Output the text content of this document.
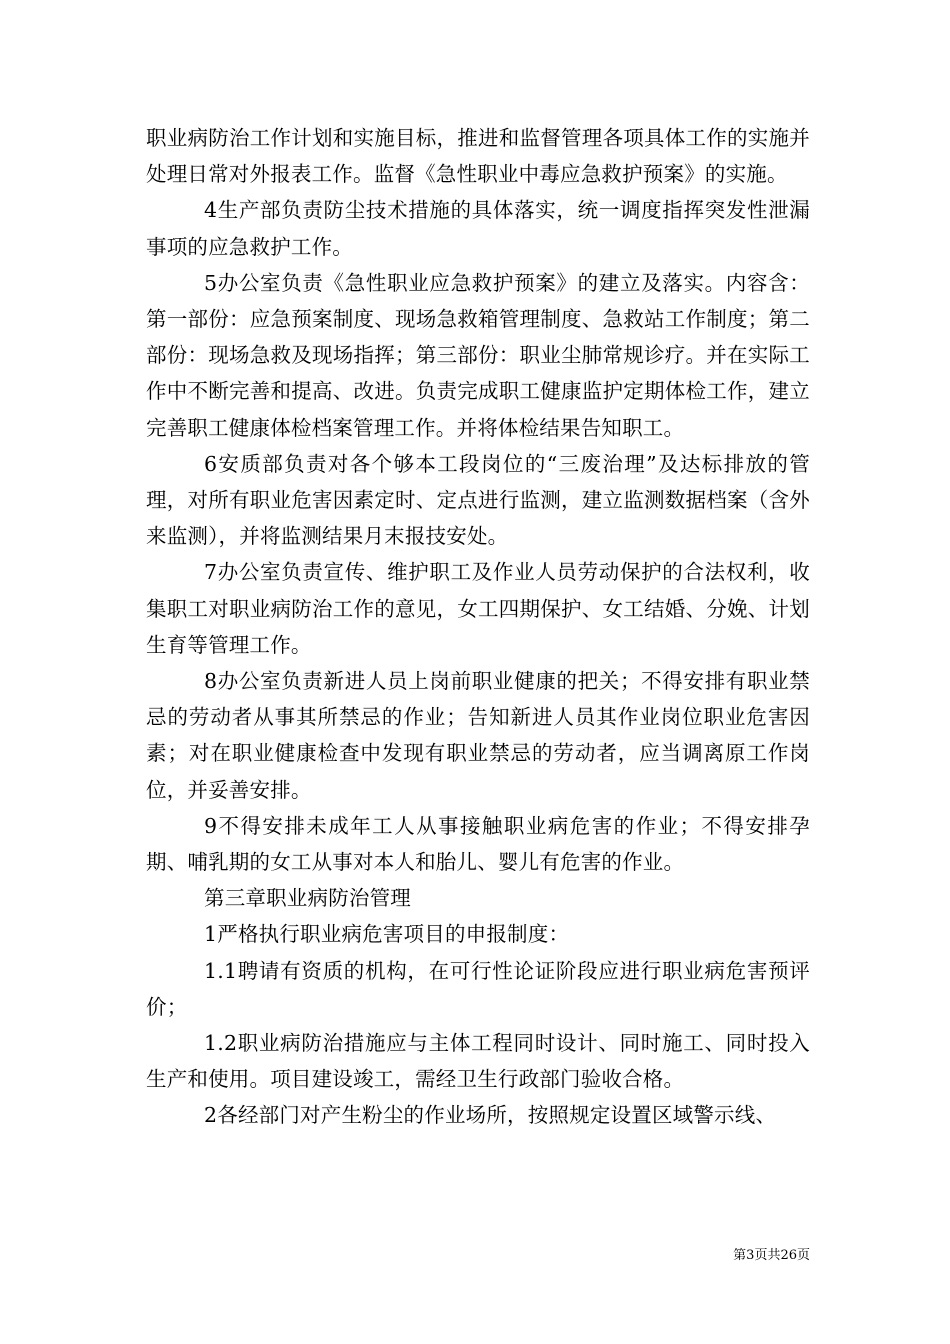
职业病防治工作计划和实施目标，推进和监督管理各项具体工作的实施并处理日常对外报表工作。监督《急性职业中毒应急救护预案》的实施。

4生产部负责防尘技术措施的具体落实，统一调度指挥突发性泄漏事项的应急救护工作。

5办公室负责《急性职业应急救护预案》的建立及落实。内容含：第一部份：应急预案制度、现场急救箱管理制度、急救站工作制度；第二部份：现场急救及现场指挥；第三部份：职业尘肺常规诊疗。并在实际工作中不断完善和提高、改进。负责完成职工健康监护定期体检工作，建立完善职工健康体检档案管理工作。并将体检结果告知职工。

6安质部负责对各个够本工段岗位的“三废治理”及达标排放的管理，对所有职业危害因素定时、定点进行监测，建立监测数据档案（含外来监测），并将监测结果月末报技安处。

7办公室负责宣传、维护职工及作业人员劳动保护的合法权利，收集职工对职业病防治工作的意见，女工四期保护、女工结婚、分娩、计划生育等管理工作。

8办公室负责新进人员上岗前职业健康的把关；不得安排有职业禁忌的劳动者从事其所禁忌的作业；告知新进人员其作业岗位职业危害因素；对在职业健康检查中发现有职业禁忌的劳动者，应当调离原工作岗位，并妥善安排。

9不得安排未成年工人从事接触职业病危害的作业；不得安排孕期、哺乳期的女工从事对本人和胎儿、婴儿有危害的作业。

第三章职业病防治管理

1严格执行职业病危害项目的申报制度：

1.1聘请有资质的机构，在可行性论证阶段应进行职业病危害预评价；

1.2职业病防治措施应与主体工程同时设计、同时施工、同时投入生产和使用。项目建设竣工，需经卫生行政部门验收合格。

2各经部门对产生粉尘的作业场所，按照规定设置区域警示线、

第3页共26页
